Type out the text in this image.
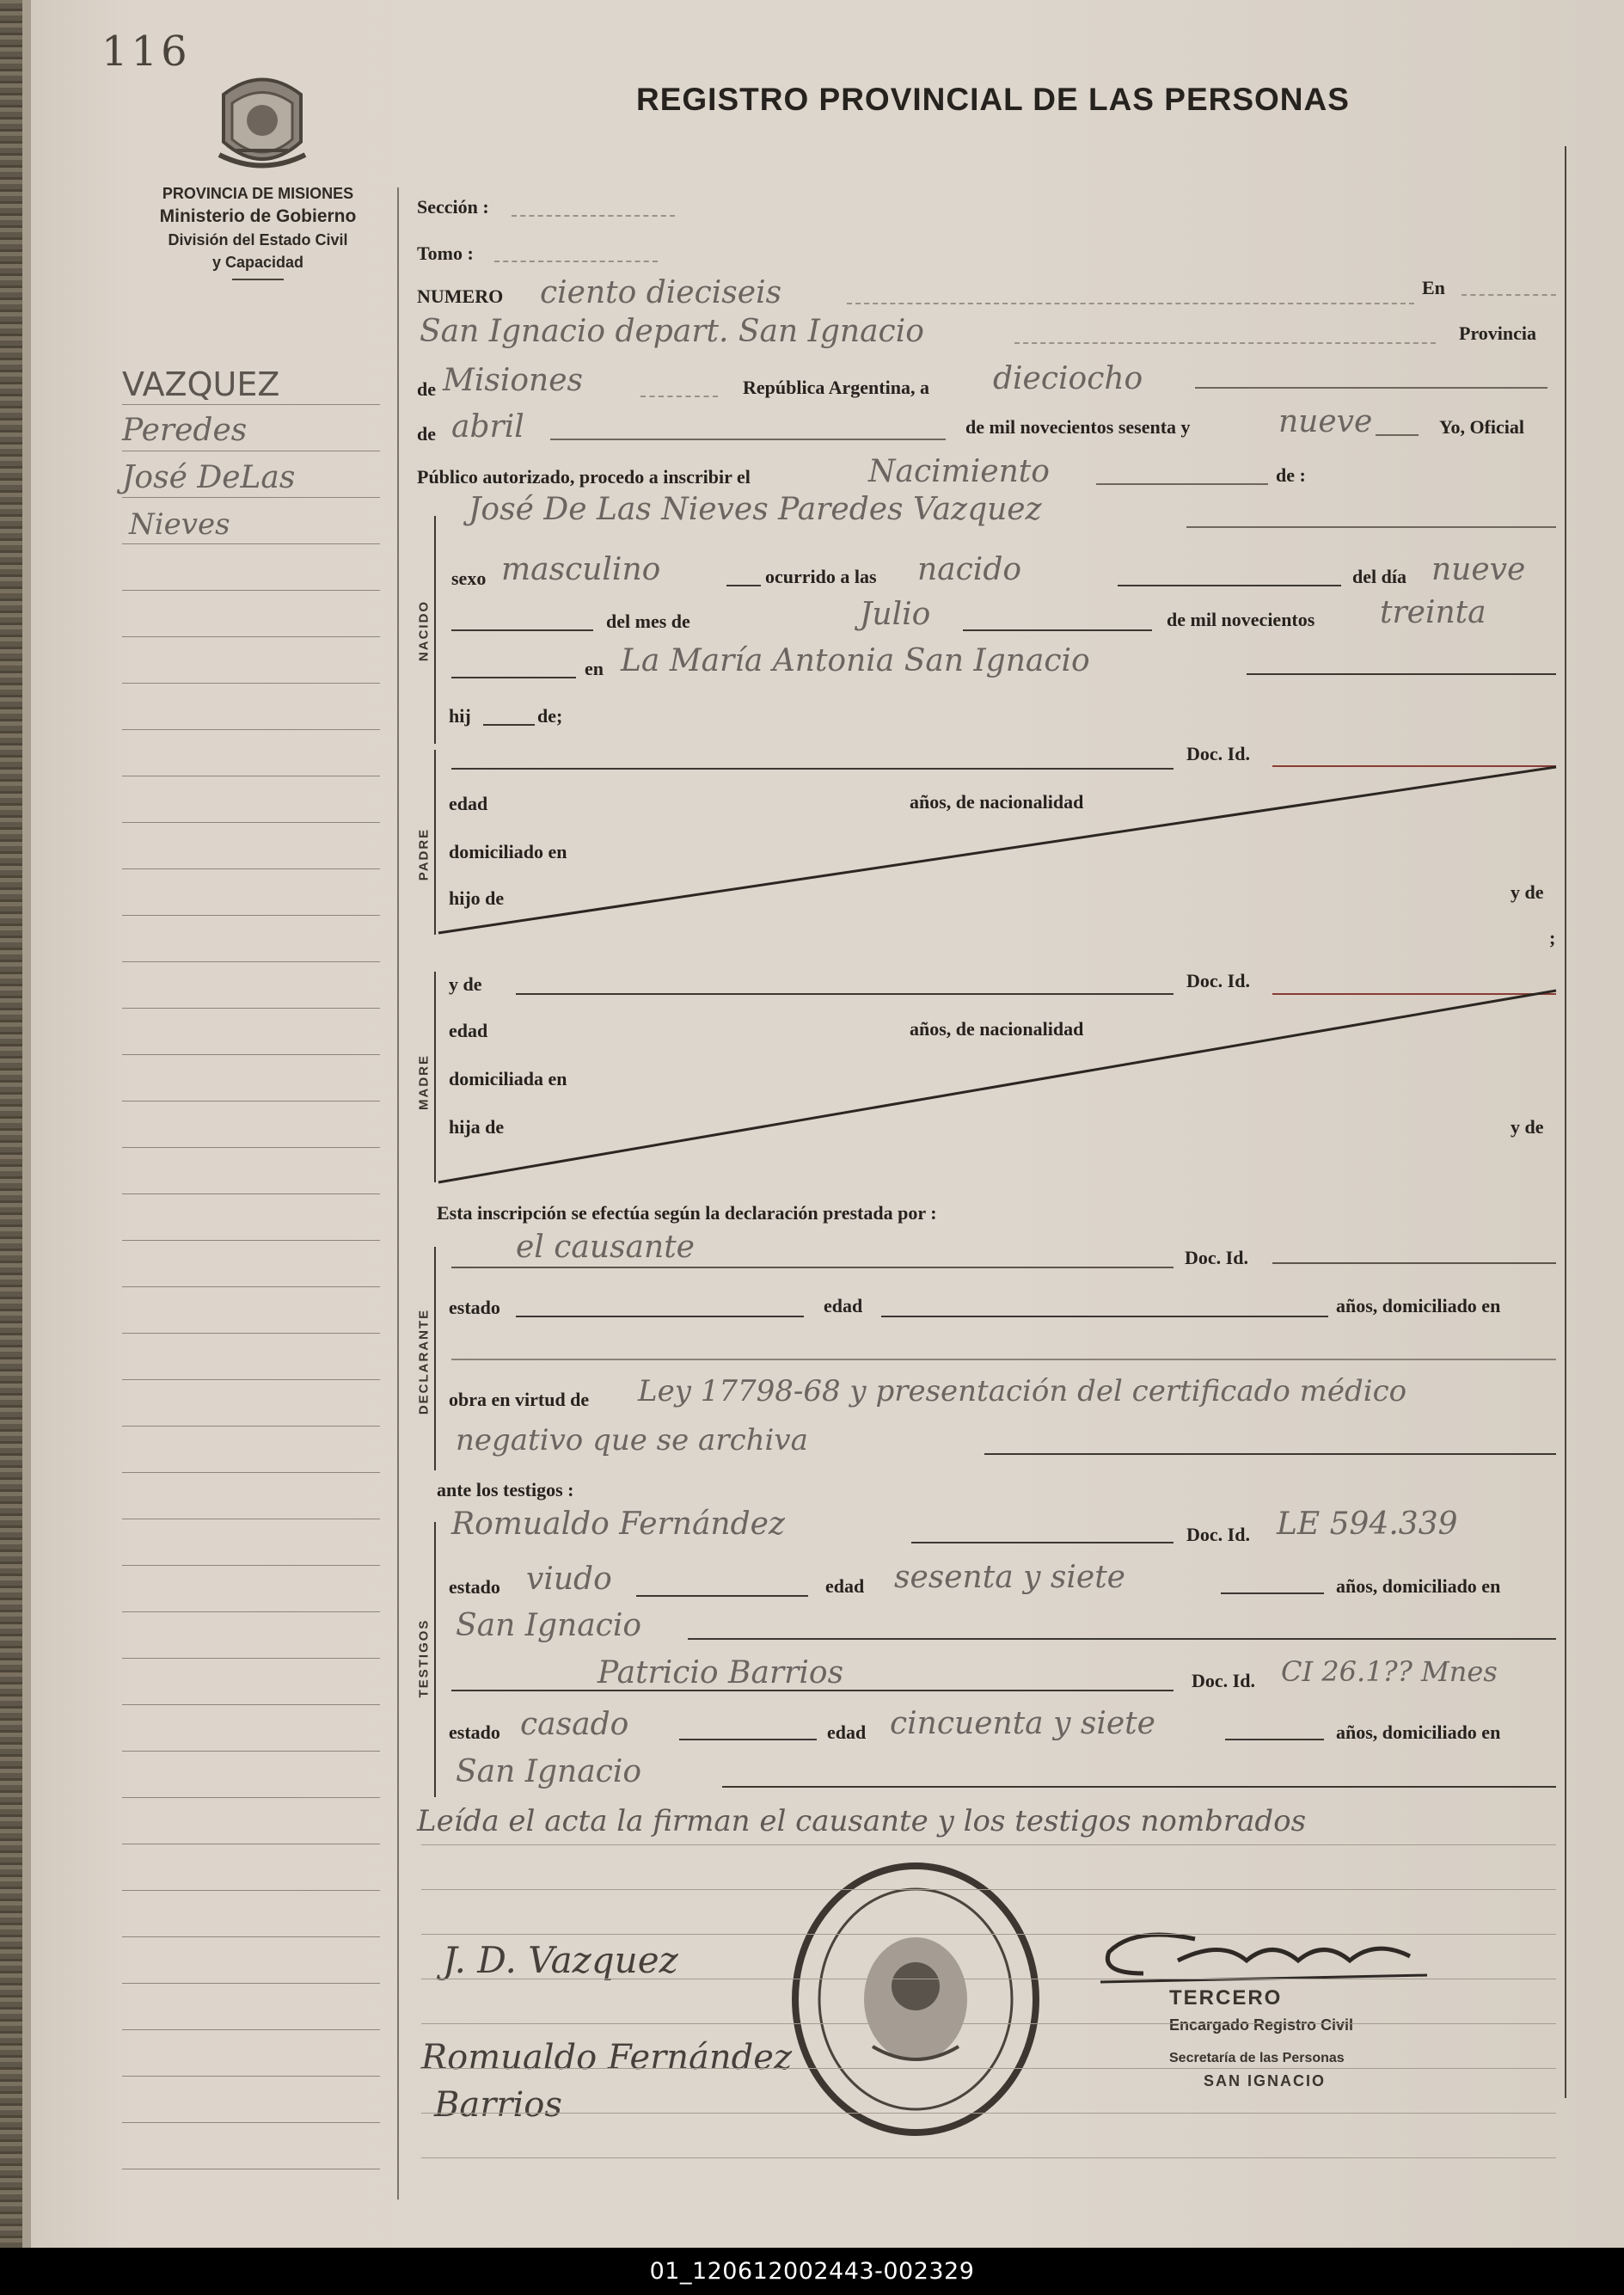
116
PROVINCIA DE MISIONES
Ministerio de Gobierno
División del Estado Civil
y Capacidad
VAZQUEZ
Peredes
José DeLas
Nieves
REGISTRO PROVINCIAL DE LAS PERSONAS
Sección :
Tomo :
NUMERO ciento dieciseis	En
San Ignacio depart. San Ignacio	Provincia
de Misiones	República Argentina, a dieciocho
de abril	de mil novecientos sesenta y	nueve	Yo, Oficial
Público autorizado, procedo a inscribir el	Nacimiento	de :
NACIDO
José De Las Nieves Paredes Vazquez
sexo masculino	ocurrido a las nacido	del día nueve
del mes de	Julio	de mil novecientos treinta
en La María Antonia San Ignacio
hij	de;
PADRE
Doc. Id.
edad	años, de nacionalidad
domiciliado en
hijo de	y de
;
MADRE
y de	Doc. Id.
edad	años, de nacionalidad
domiciliada en
hija de	y de
Esta inscripción se efectúa según la declaración prestada por :
DECLARANTE
el causante	Doc. Id.
estado	edad	años, domiciliado en
obra en virtud de Ley 17798-68 y presentación del certificado médico
negativo que se archiva
ante los testigos :
TESTIGOS
Romualdo Fernández	Doc. Id. LE 594.339
estado viudo	edad sesenta y siete	años, domiciliado en
San Ignacio
Patricio Barrios	Doc. Id. CI 26.1?? Mnes
estado casado	edad cincuenta y siete	años, domiciliado en
San Ignacio
Leída el acta la firman el causante y los testigos nombrados
J. D. Vazquez
Romualdo Fernández
Barrios
TERCERO
Encargado Registro Civil
Secretaría de las Personas
SAN IGNACIO
01_120612002443-002329
